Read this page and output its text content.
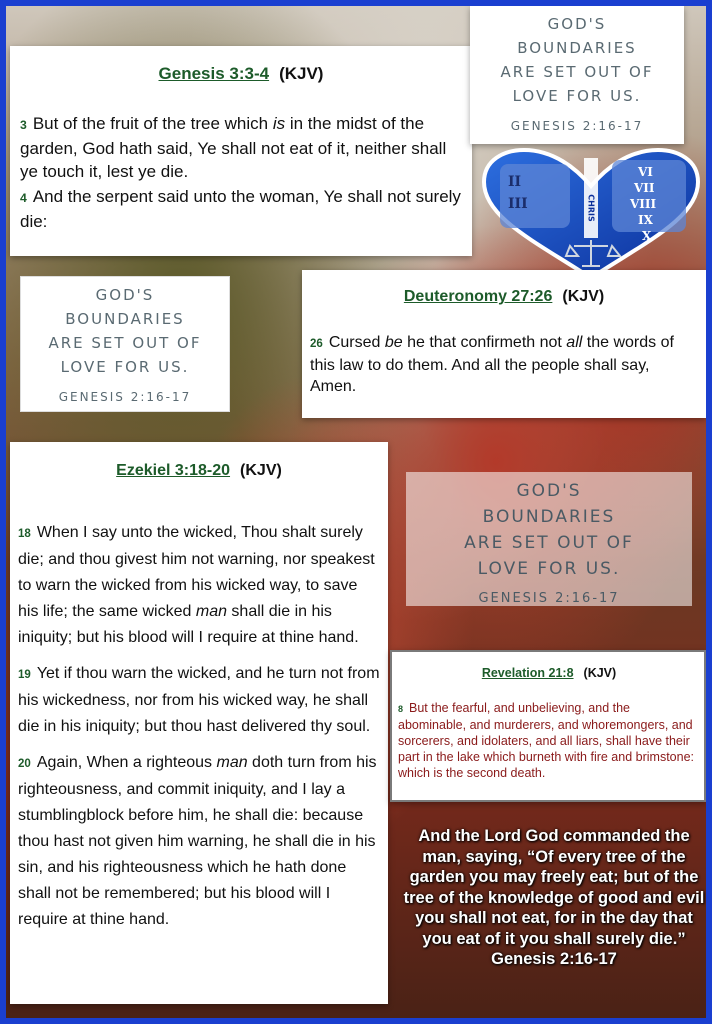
Genesis 3:3-4 (KJV)
3 But of the fruit of the tree which is in the midst of the garden, God hath said, Ye shall not eat of it, neither shall ye touch it, lest ye die.
4 And the serpent said unto the woman, Ye shall not surely die:
GOD'S
BOUNDARIES
ARE SET OUT OF
LOVE FOR US.
GENESIS 2:16-17
II
III
VI
VII
VIII
IX
X
CHRIS
GOD'S
BOUNDARIES
ARE SET OUT OF
LOVE FOR US.
GENESIS 2:16-17
Deuteronomy 27:26 (KJV)
26 Cursed be he that confirmeth not all the words of this law to do them. And all the people shall say, Amen.
Ezekiel 3:18-20 (KJV)
18 When I say unto the wicked, Thou shalt surely die; and thou givest him not warning, nor speakest to warn the wicked from his wicked way, to save his life; the same wicked man shall die in his iniquity; but his blood will I require at thine hand.
19 Yet if thou warn the wicked, and he turn not from his wickedness, nor from his wicked way, he shall die in his iniquity; but thou hast delivered thy soul.
20 Again, When a righteous man doth turn from his righteousness, and commit iniquity, and I lay a stumblingblock before him, he shall die: because thou hast not given him warning, he shall die in his sin, and his righteousness which he hath done shall not be remembered; but his blood will I require at thine hand.
GOD'S
BOUNDARIES
ARE SET OUT OF
LOVE FOR US.
GENESIS 2:16-17
Revelation 21:8 (KJV)
8 But the fearful, and unbelieving, and the abominable, and murderers, and whoremongers, and sorcerers, and idolaters, and all liars, shall have their part in the lake which burneth with fire and brimstone: which is the second death.
And the Lord God commanded the man, saying, “Of every tree of the garden you may freely eat; but of the tree of the knowledge of good and evil you shall not eat, for in the day that you eat of it you shall surely die.”
Genesis 2:16-17
